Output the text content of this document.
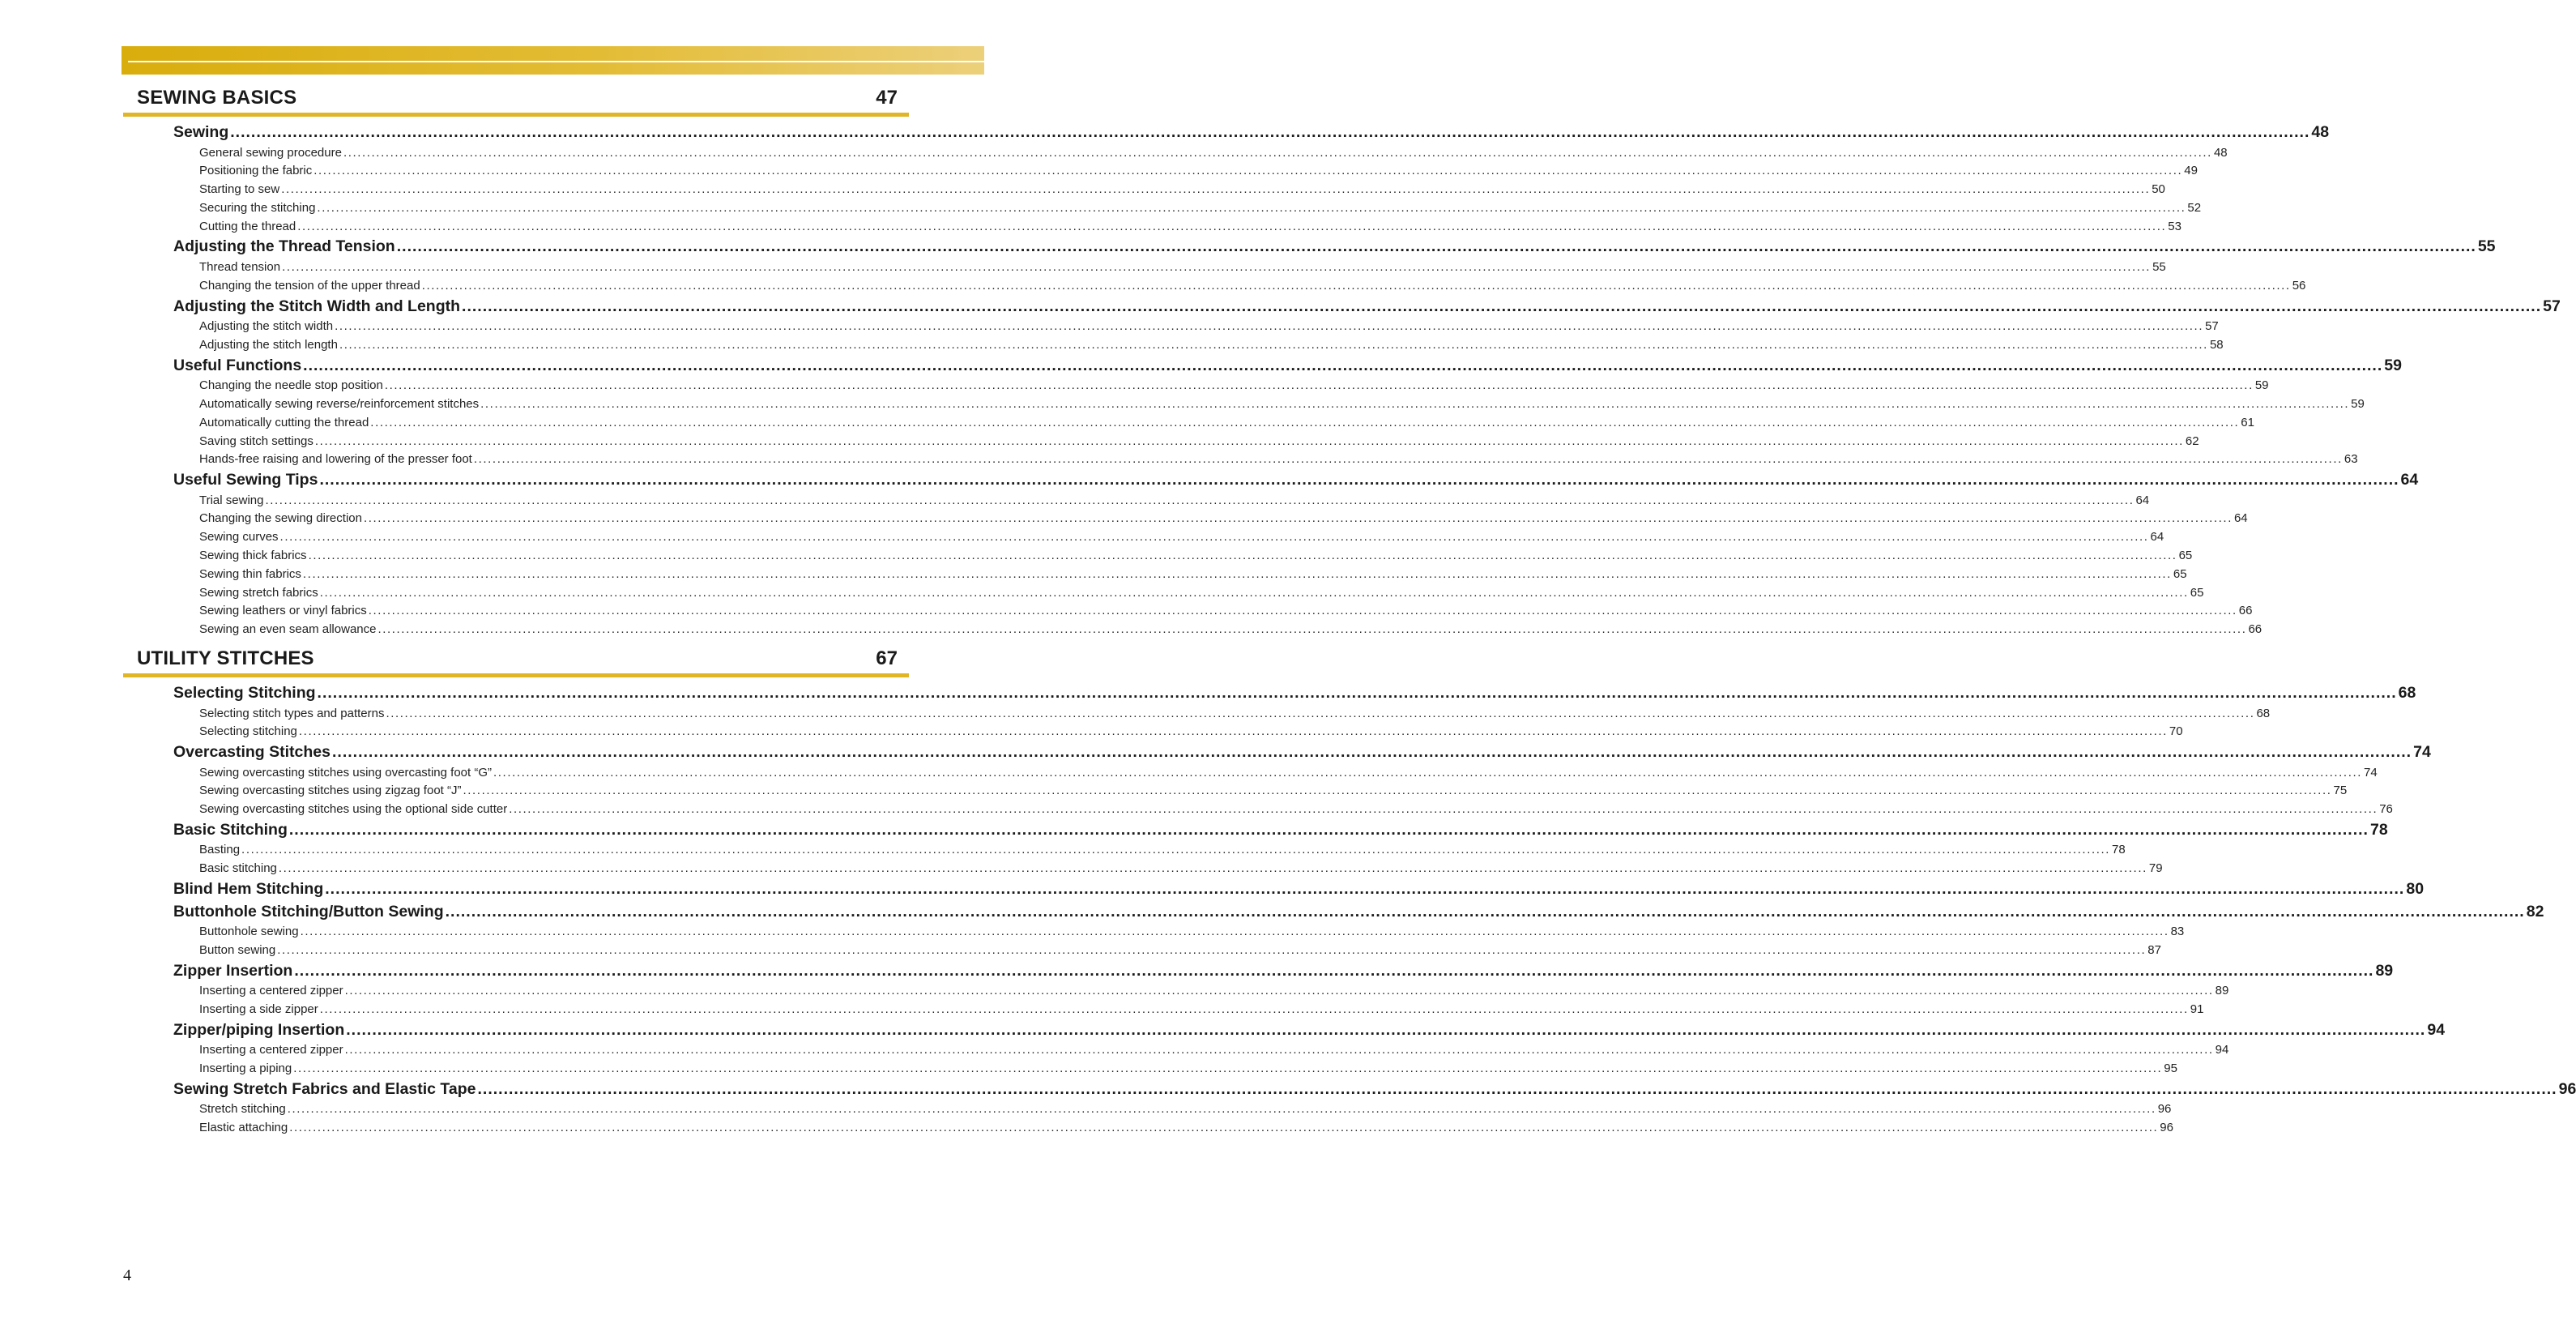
SEWING BASICS	47
Sewing ................................................................................................................................................................................................................................................................................................................................................................................................................ 48
General sewing procedure ................................................................................................................................................................................................................................................................................................................................................................................................................ 48
Positioning the fabric ................................................................................................................................................................................................................................................................................................................................................................................................................ 49
Starting to sew ................................................................................................................................................................................................................................................................................................................................................................................................................ 50
Securing the stitching ................................................................................................................................................................................................................................................................................................................................................................................................................ 52
Cutting the thread ................................................................................................................................................................................................................................................................................................................................................................................................................ 53
Adjusting the Thread Tension ................................................................................................................................................................................................................................................................................................................................................................................................................ 55
Thread tension ................................................................................................................................................................................................................................................................................................................................................................................................................ 55
Changing the tension of the upper thread ................................................................................................................................................................................................................................................................................................................................................................................................................ 56
Adjusting the Stitch Width and Length ................................................................................................................................................................................................................................................................................................................................................................................................................ 57
Adjusting the stitch width ................................................................................................................................................................................................................................................................................................................................................................................................................ 57
Adjusting the stitch length ................................................................................................................................................................................................................................................................................................................................................................................................................ 58
Useful Functions ................................................................................................................................................................................................................................................................................................................................................................................................................ 59
Changing the needle stop position ................................................................................................................................................................................................................................................................................................................................................................................................................ 59
Automatically sewing reverse/reinforcement stitches ................................................................................................................................................................................................................................................................................................................................................................................................................ 59
Automatically cutting the thread ................................................................................................................................................................................................................................................................................................................................................................................................................ 61
Saving stitch settings ................................................................................................................................................................................................................................................................................................................................................................................................................ 62
Hands-free raising and lowering of the presser foot ................................................................................................................................................................................................................................................................................................................................................................................................................ 63
Useful Sewing Tips ................................................................................................................................................................................................................................................................................................................................................................................................................ 64
Trial sewing ................................................................................................................................................................................................................................................................................................................................................................................................................ 64
Changing the sewing direction ................................................................................................................................................................................................................................................................................................................................................................................................................ 64
Sewing curves ................................................................................................................................................................................................................................................................................................................................................................................................................ 64
Sewing thick fabrics ................................................................................................................................................................................................................................................................................................................................................................................................................ 65
Sewing thin fabrics ................................................................................................................................................................................................................................................................................................................................................................................................................ 65
Sewing stretch fabrics ................................................................................................................................................................................................................................................................................................................................................................................................................ 65
Sewing leathers or vinyl fabrics ................................................................................................................................................................................................................................................................................................................................................................................................................ 66
Sewing an even seam allowance ................................................................................................................................................................................................................................................................................................................................................................................................................ 66
UTILITY STITCHES	67
Selecting Stitching ................................................................................................................................................................................................................................................................................................................................................................................................................ 68
Selecting stitch types and patterns ................................................................................................................................................................................................................................................................................................................................................................................................................ 68
Selecting stitching ................................................................................................................................................................................................................................................................................................................................................................................................................ 70
Overcasting Stitches ................................................................................................................................................................................................................................................................................................................................................................................................................ 74
Sewing overcasting stitches using overcasting foot “G” ................................................................................................................................................................................................................................................................................................................................................................................................................ 74
Sewing overcasting stitches using zigzag foot “J” ................................................................................................................................................................................................................................................................................................................................................................................................................ 75
Sewing overcasting stitches using the optional side cutter ................................................................................................................................................................................................................................................................................................................................................................................................................ 76
Basic Stitching ................................................................................................................................................................................................................................................................................................................................................................................................................ 78
Basting ................................................................................................................................................................................................................................................................................................................................................................................................................ 78
Basic stitching ................................................................................................................................................................................................................................................................................................................................................................................................................ 79
Blind Hem Stitching ................................................................................................................................................................................................................................................................................................................................................................................................................ 80
Buttonhole Stitching/Button Sewing ................................................................................................................................................................................................................................................................................................................................................................................................................ 82
Buttonhole sewing ................................................................................................................................................................................................................................................................................................................................................................................................................ 83
Button sewing ................................................................................................................................................................................................................................................................................................................................................................................................................ 87
Zipper Insertion ................................................................................................................................................................................................................................................................................................................................................................................................................ 89
Inserting a centered zipper ................................................................................................................................................................................................................................................................................................................................................................................................................ 89
Inserting a side zipper ................................................................................................................................................................................................................................................................................................................................................................................................................ 91
Zipper/piping Insertion ................................................................................................................................................................................................................................................................................................................................................................................................................ 94
Inserting a centered zipper ................................................................................................................................................................................................................................................................................................................................................................................................................ 94
Inserting a piping ................................................................................................................................................................................................................................................................................................................................................................................................................ 95
Sewing Stretch Fabrics and Elastic Tape ................................................................................................................................................................................................................................................................................................................................................................................................................ 96
Stretch stitching ................................................................................................................................................................................................................................................................................................................................................................................................................ 96
Elastic attaching ................................................................................................................................................................................................................................................................................................................................................................................................................ 96
4
